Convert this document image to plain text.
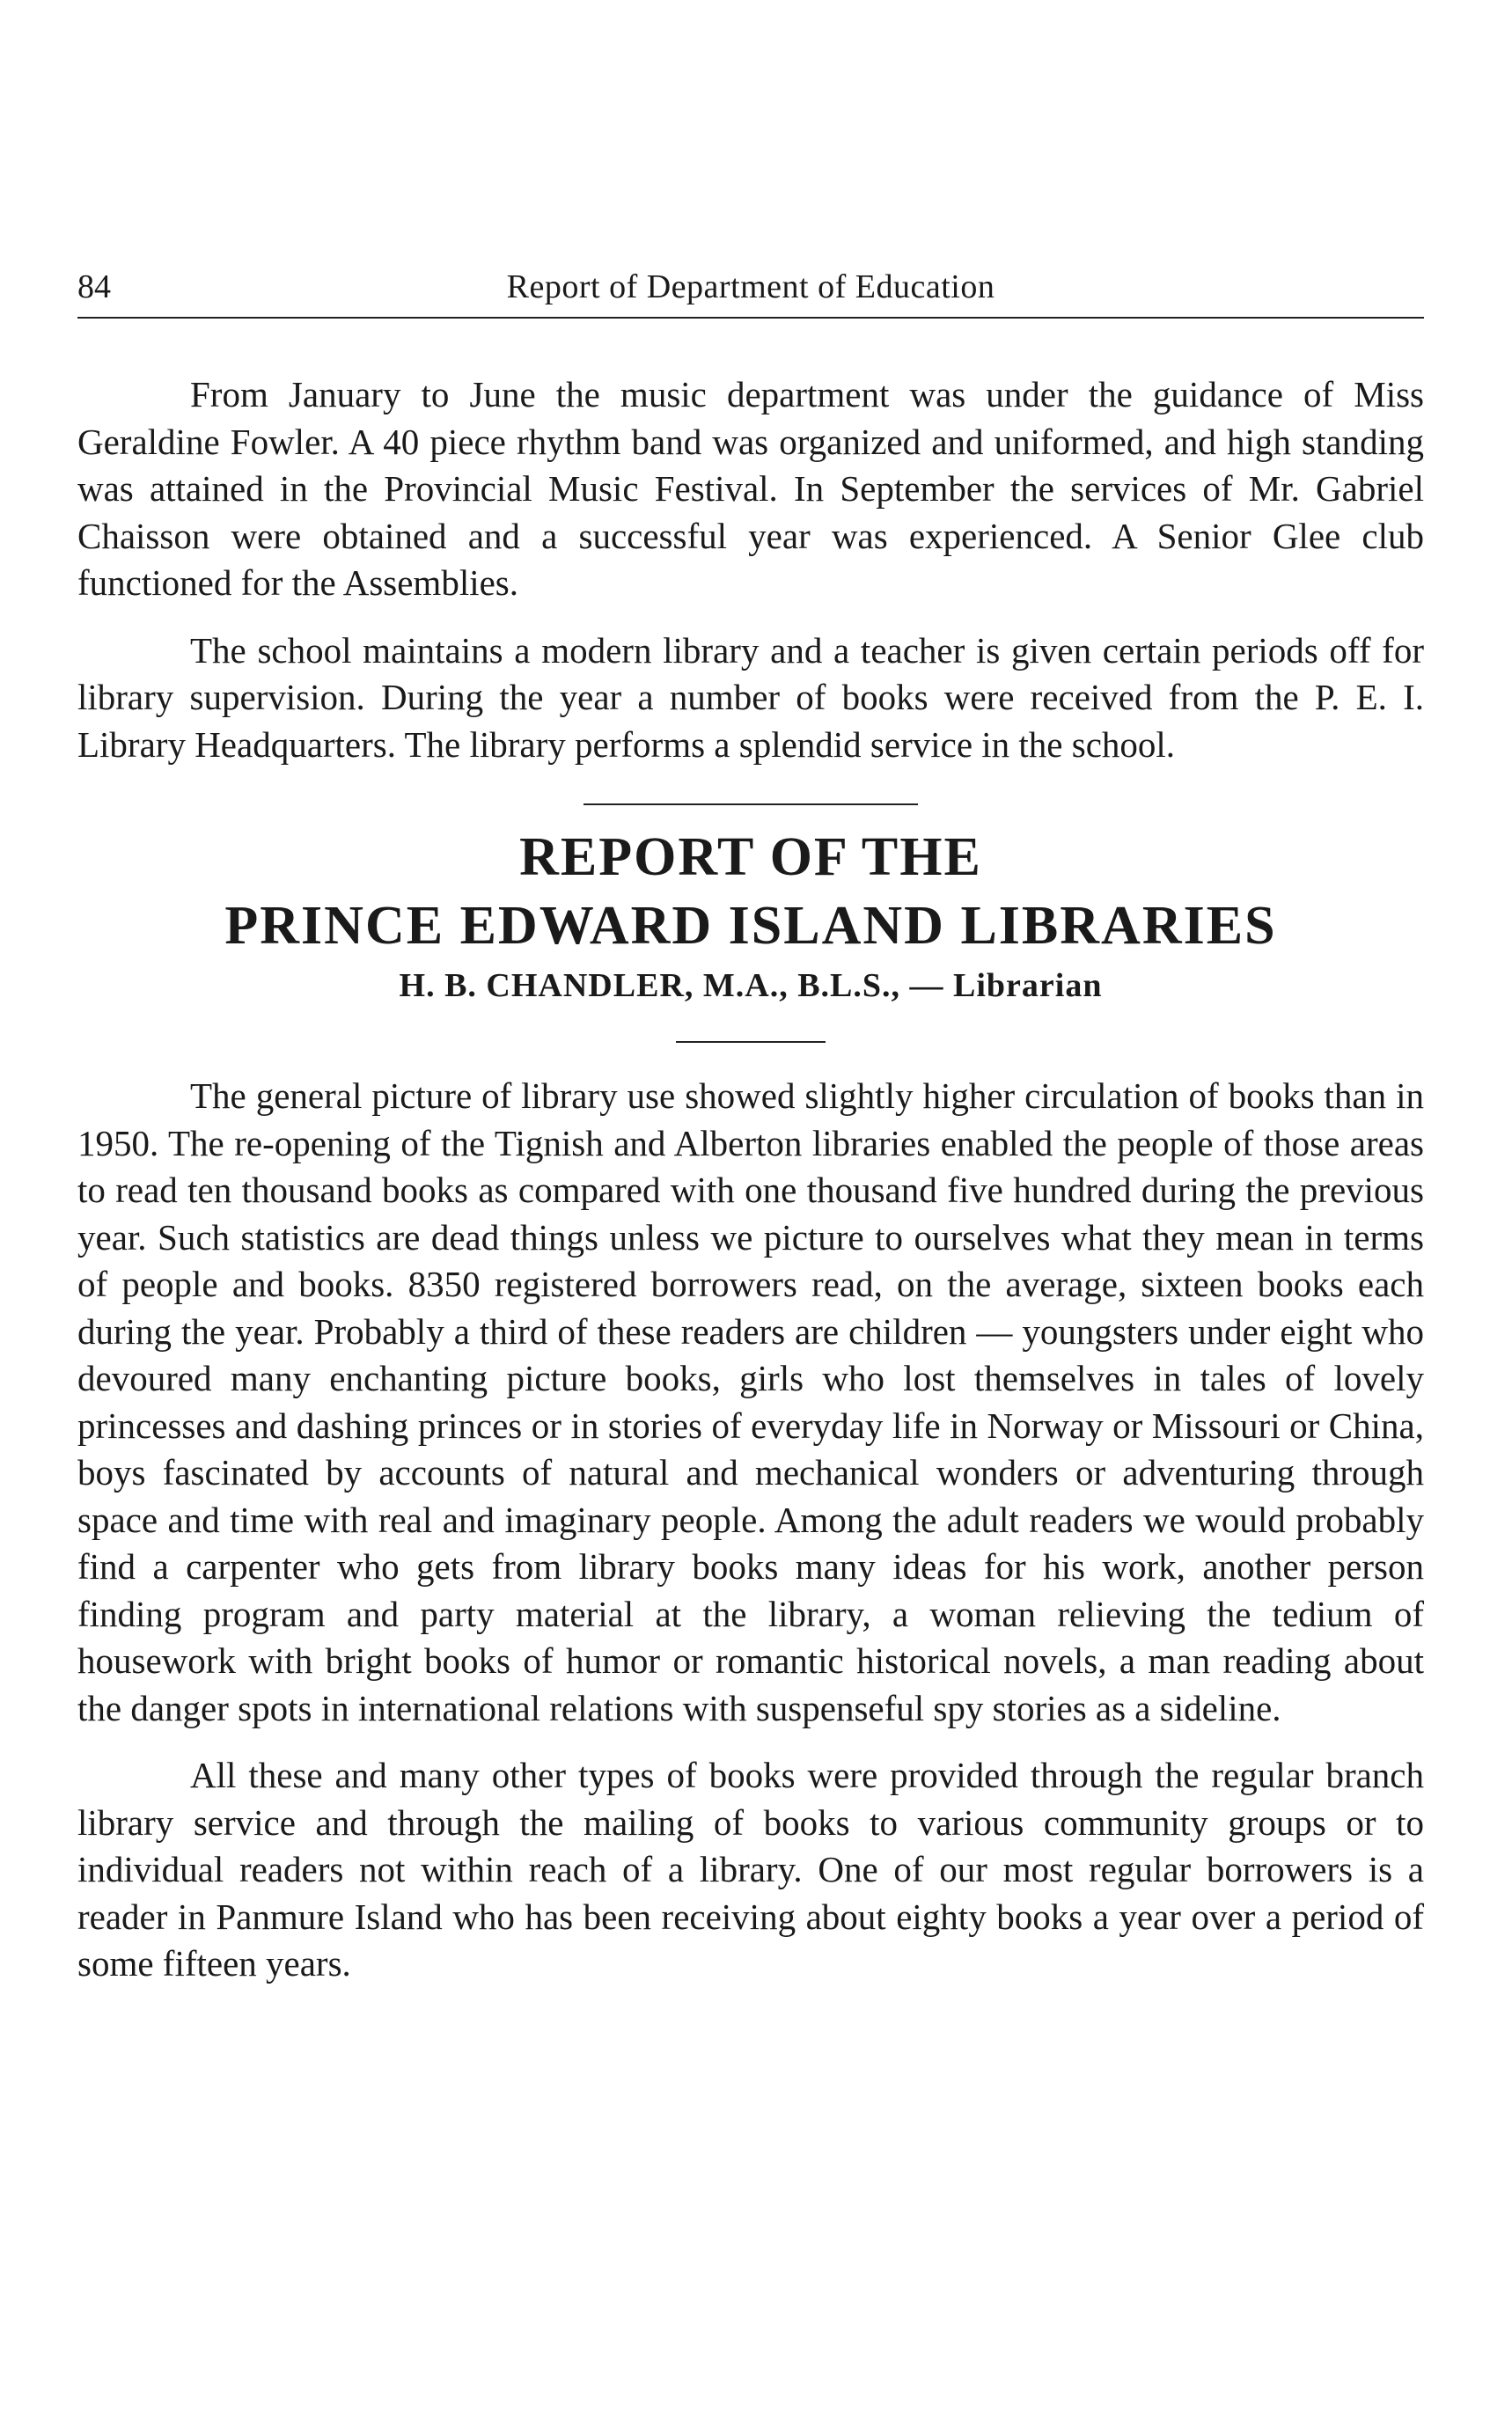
84	Report of Department of Education

From January to June the music department was under the guidance of Miss Geraldine Fowler. A 40 piece rhythm band was organized and uniformed, and high standing was attained in the Provincial Music Festival. In September the services of Mr. Gabriel Chaisson were obtained and a successful year was experienced. A Senior Glee club functioned for the Assemblies.

The school maintains a modern library and a teacher is given certain periods off for library supervision. During the year a number of books were received from the P. E. I. Library Headquarters. The library performs a splendid service in the school.

REPORT OF THE
PRINCE EDWARD ISLAND LIBRARIES
H. B. CHANDLER, M.A., B.L.S., — Librarian

The general picture of library use showed slightly higher circulation of books than in 1950. The re-opening of the Tignish and Alberton libraries enabled the people of those areas to read ten thousand books as compared with one thousand five hundred during the previous year. Such statistics are dead things unless we picture to ourselves what they mean in terms of people and books. 8350 registered borrowers read, on the average, sixteen books each during the year. Probably a third of these readers are children — youngsters under eight who devoured many enchanting picture books, girls who lost themselves in tales of lovely princesses and dashing princes or in stories of everyday life in Norway or Missouri or China, boys fascinated by accounts of natural and mechanical wonders or adventuring through space and time with real and imaginary people. Among the adult readers we would probably find a carpenter who gets from library books many ideas for his work, another person finding program and party material at the library, a woman relieving the tedium of housework with bright books of humor or romantic historical novels, a man reading about the danger spots in international relations with suspenseful spy stories as a sideline.

All these and many other types of books were provided through the regular branch library service and through the mailing of books to various community groups or to individual readers not within reach of a library. One of our most regular borrowers is a reader in Panmure Island who has been receiving about eighty books a year over a period of some fifteen years.
